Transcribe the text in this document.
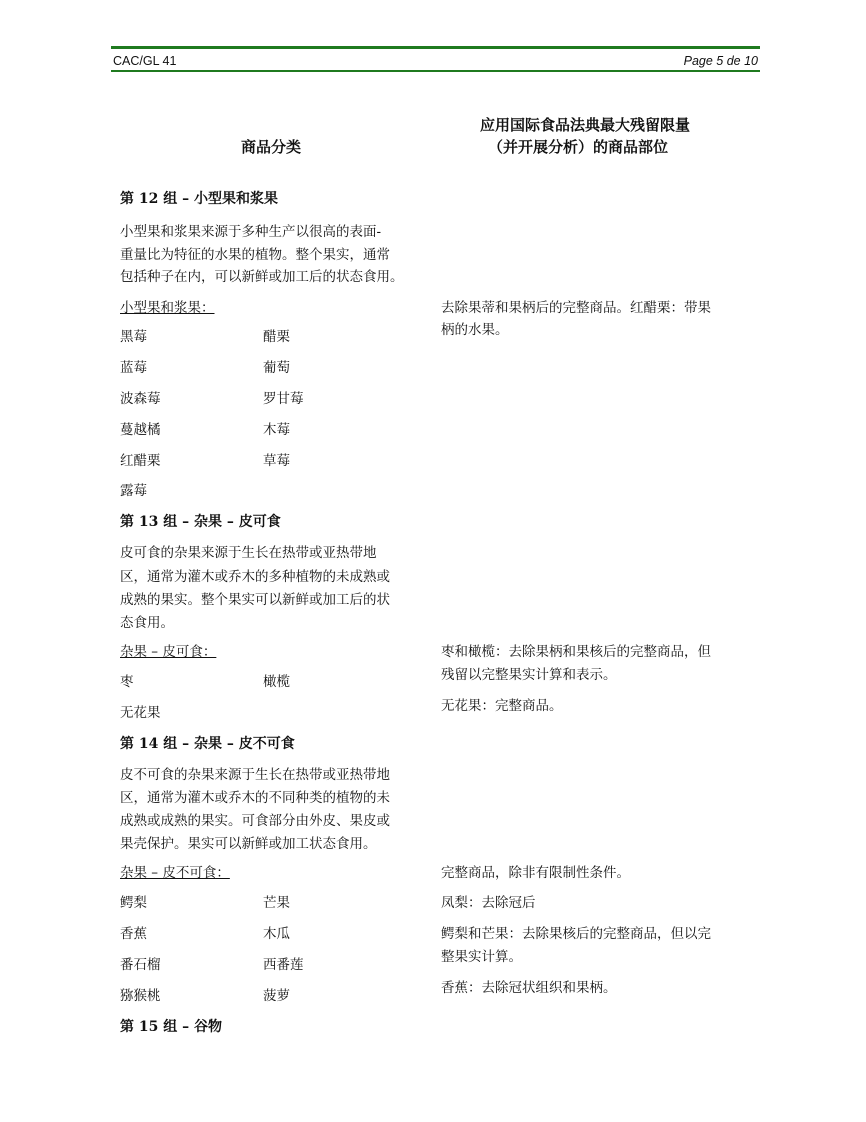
CAC/GL 41	Page 5 de 10
商品分类
应用国际食品法典最大残留限量
（并开展分析）的商品部位
第 12 组 – 小型果和浆果
小型果和浆果来源于多种生产以很高的表面-
重量比为特征的水果的植物。整个果实，通常
包括种子在内，可以新鲜或加工后的状态食用。
小型果和浆果：	去除果蒂和果柄后的完整商品。红醋栗：带果
柄的水果。
黑莓	醋栗
蓝莓	葡萄
波森莓	罗甘莓
蔓越橘	木莓
红醋栗	草莓
露莓
第 13 组 – 杂果 – 皮可食
皮可食的杂果来源于生长在热带或亚热带地
区，通常为灌木或乔木的多种植物的未成熟或
成熟的果实。整个果实可以新鲜或加工后的状
态食用。
杂果 – 皮可食：	枣和橄榄：去除果柄和果核后的完整商品，但
残留以完整果实计算和表示。
无花果：完整商品。
枣	橄榄
无花果
第 14 组 – 杂果 – 皮不可食
皮不可食的杂果来源于生长在热带或亚热带地
区，通常为灌木或乔木的不同种类的植物的未
成熟或成熟的果实。可食部分由外皮、果皮或
果壳保护。果实可以新鲜或加工状态食用。
杂果 – 皮不可食：	完整商品，除非有限制性条件。
凤梨：去除冠后
鳄梨和芒果：去除果核后的完整商品，但以完
整果实计算。
香蕉：去除冠状组织和果柄。
鳄梨	芒果
香蕉	木瓜
番石榴	西番莲
猕猴桃	菠萝
第 15 组 – 谷物
